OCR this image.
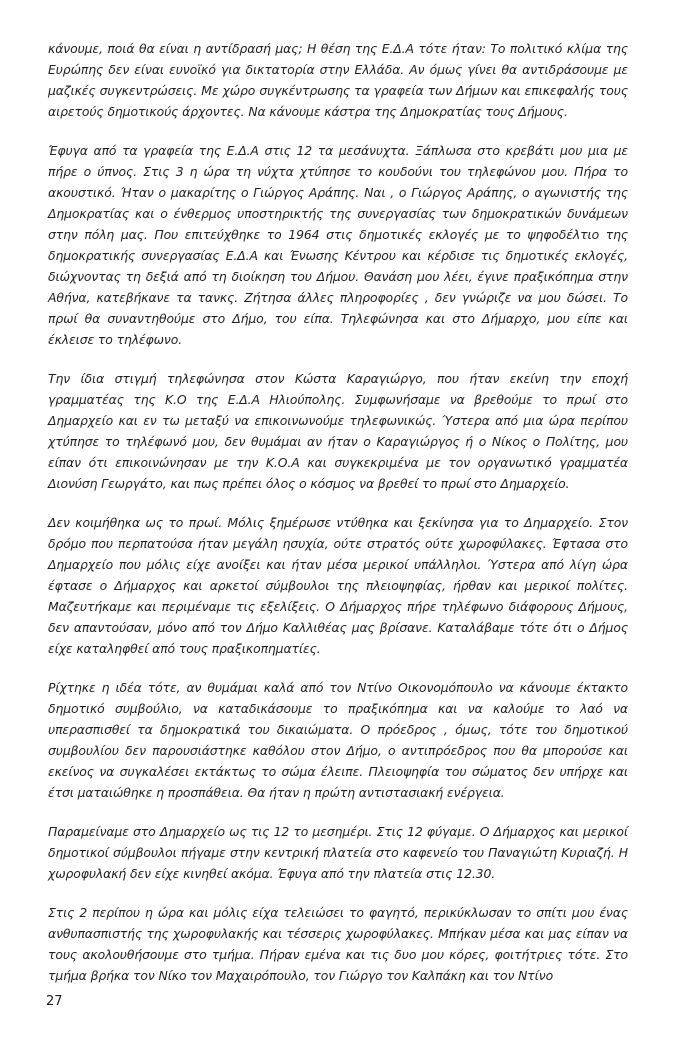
κάνουμε, ποιά θα είναι η αντίδρασή μας; Η θέση της Ε.Δ.Α τότε ήταν: Το πολιτικό κλίμα της Ευρώπης δεν είναι ευνοϊκό για δικτατορία στην Ελλάδα. Αν όμως γίνει θα αντιδράσουμε με μαζικές συγκεντρώσεις. Με χώρο συγκέντρωσης τα γραφεία των Δήμων και επικεφαλής τους αιρετούς δημοτικούς άρχοντες. Να κάνουμε κάστρα της Δημοκρατίας τους Δήμους.

Έφυγα από τα γραφεία της Ε.Δ.Α στις 12 τα μεσάνυχτα. Ξάπλωσα στο κρεβάτι μου μια με πήρε ο ύπνος. Στις 3 η ώρα τη νύχτα χτύπησε το κουδούνι του τηλεφώνου μου. Πήρα το ακουστικό. Ήταν ο μακαρίτης ο Γιώργος Αράπης. Ναι , ο Γιώργος Αράπης, ο αγωνιστής της Δημοκρατίας και ο ένθερμος υποστηρικτής της συνεργασίας των δημοκρατικών δυνάμεων στην πόλη μας. Που επιτεύχθηκε το 1964 στις δημοτικές εκλογές με το ψηφοδέλτιο της δημοκρατικής συνεργασίας Ε.Δ.Α και Ένωσης Κέντρου και κέρδισε τις δημοτικές εκλογές, διώχνοντας τη δεξιά από τη διοίκηση του Δήμου. Θανάση μου λέει, έγινε πραξικόπημα στην Αθήνα, κατεβήκανε τα τανκς. Ζήτησα άλλες πληροφορίες , δεν γνώριζε να μου δώσει. Το πρωί θα συναντηθούμε στο Δήμο, του είπα. Τηλεφώνησα και στο Δήμαρχο, μου είπε και έκλεισε το τηλέφωνο.

Την ίδια στιγμή τηλεφώνησα στον Κώστα Καραγιώργο, που ήταν εκείνη την εποχή γραμματέας της Κ.Ο της Ε.Δ.Α Ηλιούπολης. Συμφωνήσαμε να βρεθούμε το πρωί στο Δημαρχείο και εν τω μεταξύ να επικοινωνούμε τηλεφωνικώς. Ύστερα από μια ώρα περίπου χτύπησε το τηλέφωνό μου, δεν θυμάμαι αν ήταν ο Καραγιώργος ή ο Νίκος ο Πολίτης, μου είπαν ότι επικοινώνησαν με την Κ.Ο.Α και συγκεκριμένα με τον οργανωτικό γραμματέα Διονύση Γεωργάτο, και πως πρέπει όλος ο κόσμος να βρεθεί το πρωί στο Δημαρχείο.

Δεν κοιμήθηκα ως το πρωί. Μόλις ξημέρωσε ντύθηκα και ξεκίνησα για το Δημαρχείο. Στον δρόμο που περπατούσα ήταν μεγάλη ησυχία, ούτε στρατός ούτε χωροφύλακες. Έφτασα στο Δημαρχείο που μόλις είχε ανοίξει και ήταν μέσα μερικοί υπάλληλοι. Ύστερα από λίγη ώρα έφτασε ο Δήμαρχος και αρκετοί σύμβουλοι της πλειοψηφίας, ήρθαν και μερικοί πολίτες. Μαζευτήκαμε και περιμέναμε τις εξελίξεις. Ο Δήμαρχος πήρε τηλέφωνο διάφορους Δήμους, δεν απαντούσαν, μόνο από τον Δήμο Καλλιθέας μας βρίσανε. Καταλάβαμε τότε ότι ο Δήμος είχε καταληφθεί από τους πραξικοπηματίες.

Ρίχτηκε η ιδέα τότε, αν θυμάμαι καλά από τον Ντίνο Οικονομόπουλο να κάνουμε έκτακτο δημοτικό συμβούλιο, να καταδικάσουμε το πραξικόπημα και να καλούμε το λαό να υπερασπισθεί τα δημοκρατικά του δικαιώματα. Ο πρόεδρος , όμως, τότε του δημοτικού συμβουλίου δεν παρουσιάστηκε καθόλου στον Δήμο, ο αντιπρόεδρος που θα μπορούσε και εκείνος να συγκαλέσει εκτάκτως το σώμα έλειπε. Πλειοψηφία του σώματος δεν υπήρχε και έτσι ματαιώθηκε η προσπάθεια. Θα ήταν η πρώτη αντιστασιακή ενέργεια.

Παραμείναμε στο Δημαρχείο ως τις 12 το μεσημέρι. Στις 12 φύγαμε. Ο Δήμαρχος και μερικοί δημοτικοί σύμβουλοι πήγαμε στην κεντρική πλατεία στο καφενείο του Παναγιώτη Κυριαζή. Η χωροφυλακή δεν είχε κινηθεί ακόμα. Έφυγα από την πλατεία στις 12.30.

Στις 2 περίπου η ώρα και μόλις είχα τελειώσει το φαγητό, περικύκλωσαν το σπίτι μου ένας ανθυπασπιστής της χωροφυλακής και τέσσερις χωροφύλακες. Μπήκαν μέσα και μας είπαν να τους ακολουθήσουμε στο τμήμα. Πήραν εμένα και τις δυο μου κόρες, φοιτήτριες τότε. Στο τμήμα βρήκα τον Νίκο τον Μαχαιρόπουλο, τον Γιώργο τον Καλπάκη και τον Ντίνο

27
